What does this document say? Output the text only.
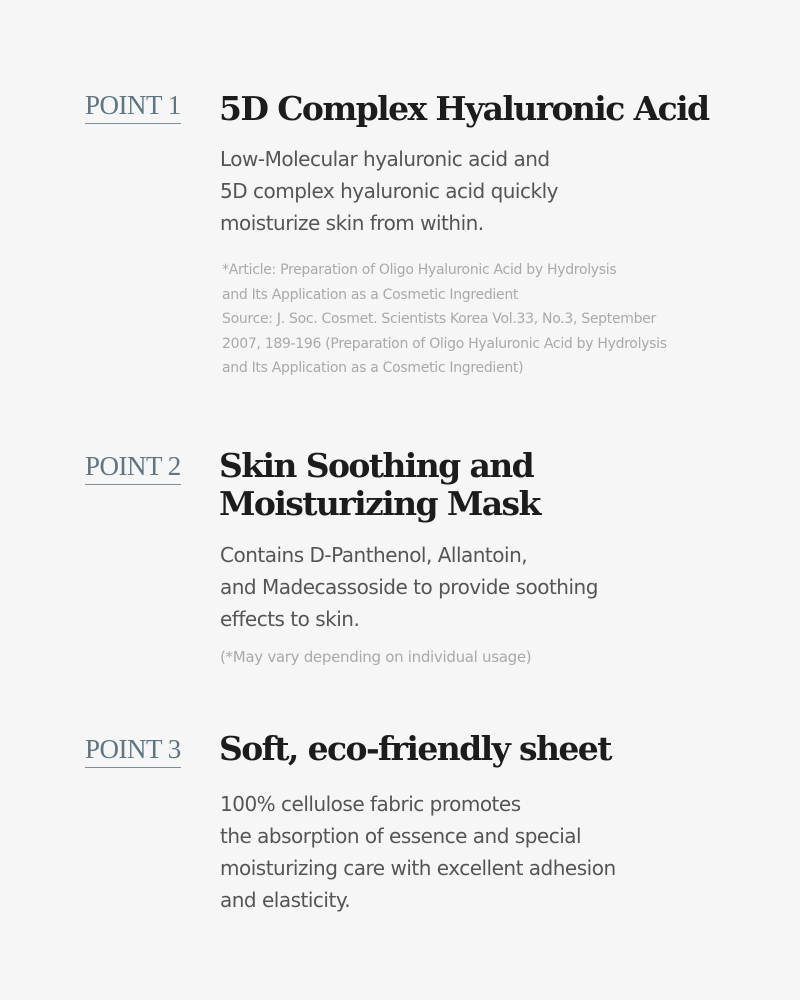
POINT 1 5D Complex Hyaluronic Acid
Low-Molecular hyaluronic acid and
5D complex hyaluronic acid quickly
moisturize skin from within.
*Article: Preparation of Oligo Hyaluronic Acid by Hydrolysis
and Its Application as a Cosmetic Ingredient
Source: J. Soc. Cosmet. Scientists Korea Vol.33, No.3, September
2007, 189-196 (Preparation of Oligo Hyaluronic Acid by Hydrolysis
and Its Application as a Cosmetic Ingredient)
POINT 2 Skin Soothing and
Moisturizing Mask
Contains D-Panthenol, Allantoin,
and Madecassoside to provide soothing
effects to skin.
(*May vary depending on individual usage)
POINT 3 Soft, eco-friendly sheet
100% cellulose fabric promotes
the absorption of essence and special
moisturizing care with excellent adhesion
and elasticity.
